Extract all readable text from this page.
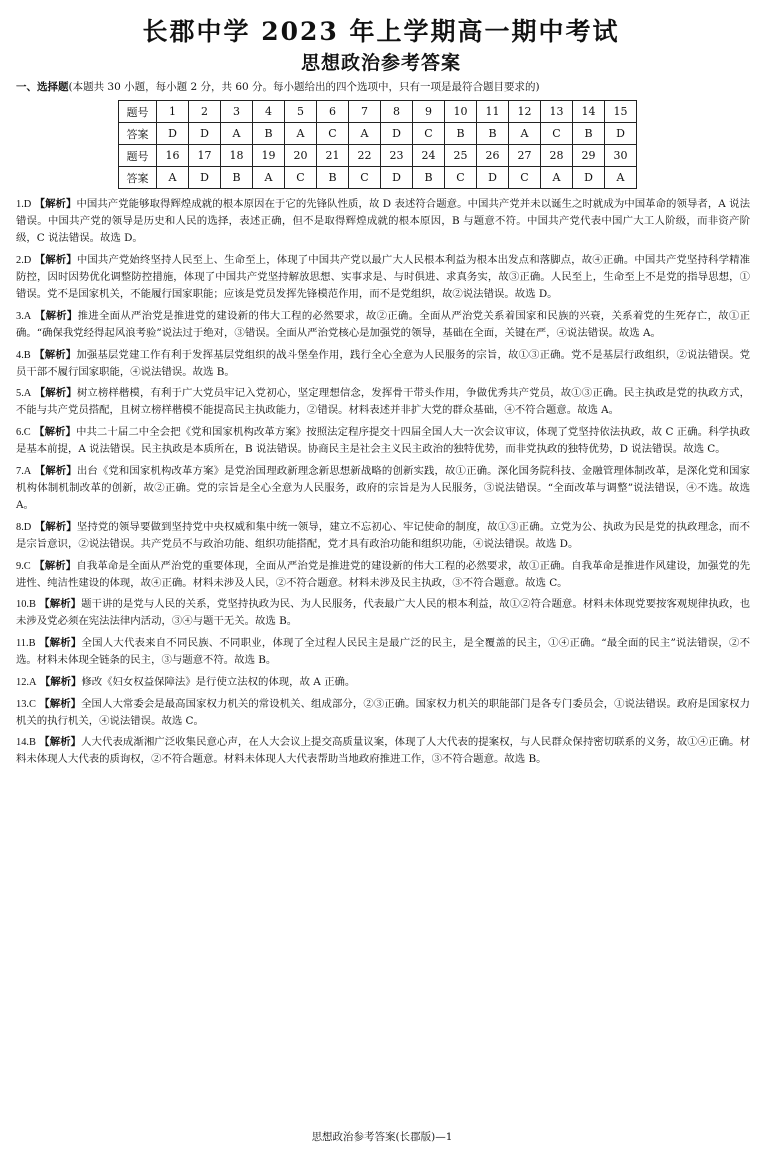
长郡中学 2023 年上学期高一期中考试
思想政治参考答案
一、选择题(本题共 30 小题，每小题 2 分，共 60 分。每小题给出的四个选项中，只有一项是最符合题目要求的)
题号	1	2	3	4	5	6	7	8	9	10	11	12	13	14	15
答案	D	D	A	B	A	C	A	D	C	B	B	A	C	B	D
题号	16	17	18	19	20	21	22	23	24	25	26	27	28	29	30
答案	A	D	B	A	C	B	C	D	B	C	D	C	A	D	A
1.D 【解析】中国共产党能够取得辉煌成就的根本原因在于它的先锋队性质，故 D 表述符合题意。中国共产党并未以诞生之时就成为中国革命的领导者，A 说法错误。中国共产党的领导是历史和人民的选择，表述正确，但不是取得辉煌成就的根本原因，B 与题意不符。中国共产党代表中国广大工人阶级，而非资产阶级，C 说法错误。故选 D。
2.D 【解析】中国共产党始终坚持人民至上、生命至上，体现了中国共产党以最广大人民根本利益为根本出发点和落脚点，故④正确。中国共产党坚持科学精准防控，因时因势优化调整防控措施，体现了中国共产党坚持解放思想、实事求是、与时俱进、求真务实，故③正确。人民至上，生命至上不是党的指导思想，①错误。党不是国家机关，不能履行国家职能；应该是党员发挥先锋模范作用，而不是党组织，故②说法错误。故选 D。
3.A 【解析】推进全面从严治党是推进党的建设新的伟大工程的必然要求，故②正确。全面从严治党关系着国家和民族的兴衰，关系着党的生死存亡，故①正确。“确保我党经得起风浪考验”说法过于绝对，③错误。全面从严治党核心是加强党的领导，基础在全面，关键在严，④说法错误。故选 A。
4.B 【解析】加强基层党建工作有利于发挥基层党组织的战斗堡垒作用，践行全心全意为人民服务的宗旨，故①③正确。党不是基层行政组织，②说法错误。党员干部不履行国家职能，④说法错误。故选 B。
5.A 【解析】树立榜样楷模，有利于广大党员牢记入党初心，坚定理想信念，发挥骨干带头作用，争做优秀共产党员，故①③正确。民主执政是党的执政方式，不能与共产党员搭配，且树立榜样楷模不能提高民主执政能力，②错误。材料表述并非扩大党的群众基础，④不符合题意。故选 A。
6.C 【解析】中共二十届二中全会把《党和国家机构改革方案》按照法定程序提交十四届全国人大一次会议审议，体现了党坚持依法执政，故 C 正确。科学执政是基本前提，A 说法错误。民主执政是本质所在，B 说法错误。协商民主是社会主义民主政治的独特优势，而非党执政的独特优势，D 说法错误。故选 C。
7.A 【解析】出台《党和国家机构改革方案》是党治国理政新理念新思想新战略的创新实践，故①正确。深化国务院科技、金融管理体制改革，是深化党和国家机构体制机制改革的创新，故②正确。党的宗旨是全心全意为人民服务，政府的宗旨是为人民服务，③说法错误。“全面改革与调整”说法错误，④不选。故选 A。
8.D 【解析】坚持党的领导要做到坚持党中央权威和集中统一领导，建立不忘初心、牢记使命的制度，故①③正确。立党为公、执政为民是党的执政理念，而不是宗旨意识，②说法错误。共产党员不与政治功能、组织功能搭配，党才具有政治功能和组织功能，④说法错误。故选 D。
9.C 【解析】自我革命是全面从严治党的重要体现，全面从严治党是推进党的建设新的伟大工程的必然要求，故①正确。自我革命是推进作风建设，加强党的先进性、纯洁性建设的体现，故④正确。材料未涉及人民，②不符合题意。材料未涉及民主执政，③不符合题意。故选 C。
10.B 【解析】题干讲的是党与人民的关系，党坚持执政为民、为人民服务，代表最广大人民的根本利益，故①②符合题意。材料未体现党要按客观规律执政，也未涉及党必须在宪法法律内活动，③④与题干无关。故选 B。
11.B 【解析】全国人大代表来自不同民族、不同职业，体现了全过程人民民主是最广泛的民主，是全覆盖的民主，①④正确。“最全面的民主”说法错误，②不选。材料未体现全链条的民主，③与题意不符。故选 B。
12.A 【解析】修改《妇女权益保障法》是行使立法权的体现，故 A 正确。
13.C 【解析】全国人大常委会是最高国家权力机关的常设机关、组成部分，②③正确。国家权力机关的职能部门是各专门委员会，①说法错误。政府是国家权力机关的执行机关，④说法错误。故选 C。
14.B 【解析】人大代表成渐湘广泛收集民意心声，在人大会议上提交高质量议案，体现了人大代表的提案权，与人民群众保持密切联系的义务，故①④正确。材料未体现人大代表的质询权，②不符合题意。材料未体现人大代表帮助当地政府推进工作，③不符合题意。故选 B。
思想政治参考答案(长郡版)—1
